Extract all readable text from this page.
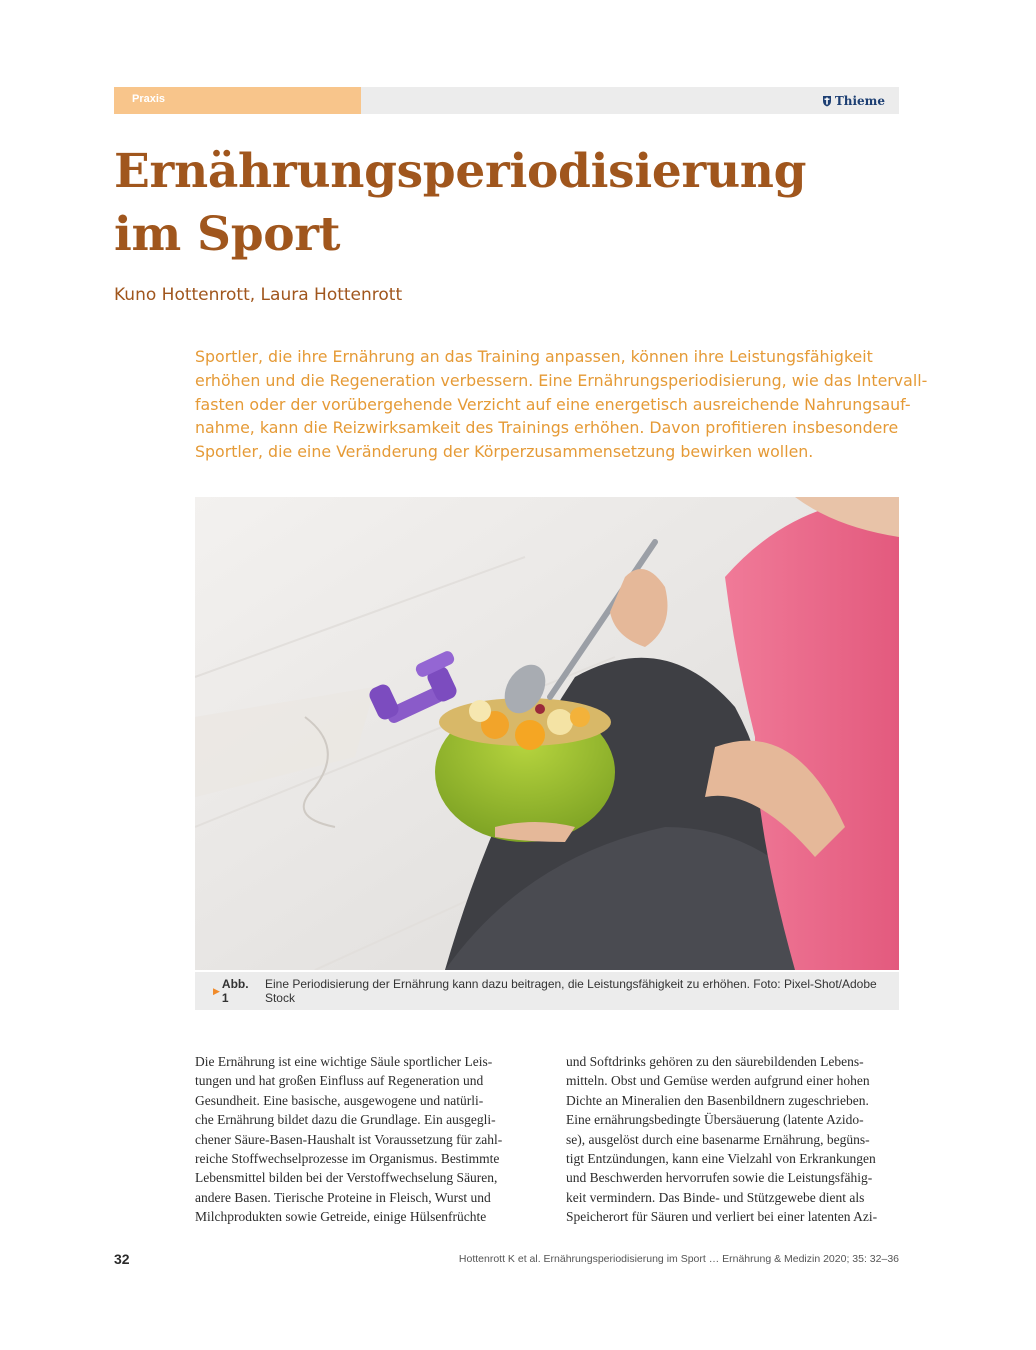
Praxis	Thieme
Ernährungsperiodisierung
im Sport

Kuno Hottenrott, Laura Hottenrott

Sportler, die ihre Ernährung an das Training anpassen, können ihre Leistungsfähigkeit
erhöhen und die Regeneration verbessern. Eine Ernährungsperiodisierung, wie das Intervall-
fasten oder der vorübergehende Verzicht auf eine energetisch ausreichende Nahrungsauf-
nahme, kann die Reizwirksamkeit des Trainings erhöhen. Davon profitieren insbesondere
Sportler, die eine Veränderung der Körperzusammensetzung bewirken wollen.

▶ Abb. 1
Eine Periodisierung der Ernährung kann dazu beitragen, die Leistungsfähigkeit zu erhöhen. Foto: Pixel-Shot/Adobe Stock

Die Ernährung ist eine wichtige Säule sportlicher Leis-
tungen und hat großen Einfluss auf Regeneration und
Gesundheit. Eine basische, ausgewogene und natürli-
che Ernährung bildet dazu die Grundlage. Ein ausgegli-
chener Säure-Basen-Haushalt ist Voraussetzung für zahl-
reiche Stoffwechselprozesse im Organismus. Bestimmte
Lebensmittel bilden bei der Verstoffwechselung Säuren,
andere Basen. Tierische Proteine in Fleisch, Wurst und
Milchprodukten sowie Getreide, einige Hülsenfrüchte

und Softdrinks gehören zu den säurebildenden Lebens-
mitteln. Obst und Gemüse werden aufgrund einer hohen
Dichte an Mineralien den Basenbildnern zugeschrieben.
Eine ernährungsbedingte Übersäuerung (latente Azido-
se), ausgelöst durch eine basenarme Ernährung, begüns-
tigt Entzündungen, kann eine Vielzahl von Erkrankungen
und Beschwerden hervorrufen sowie die Leistungsfähig-
keit vermindern. Das Binde- und Stützgewebe dient als
Speicherort für Säuren und verliert bei einer latenten Azi-

32	Hottenrott K et al. Ernährungsperiodisierung im Sport … Ernährung & Medizin 2020; 35: 32–36
